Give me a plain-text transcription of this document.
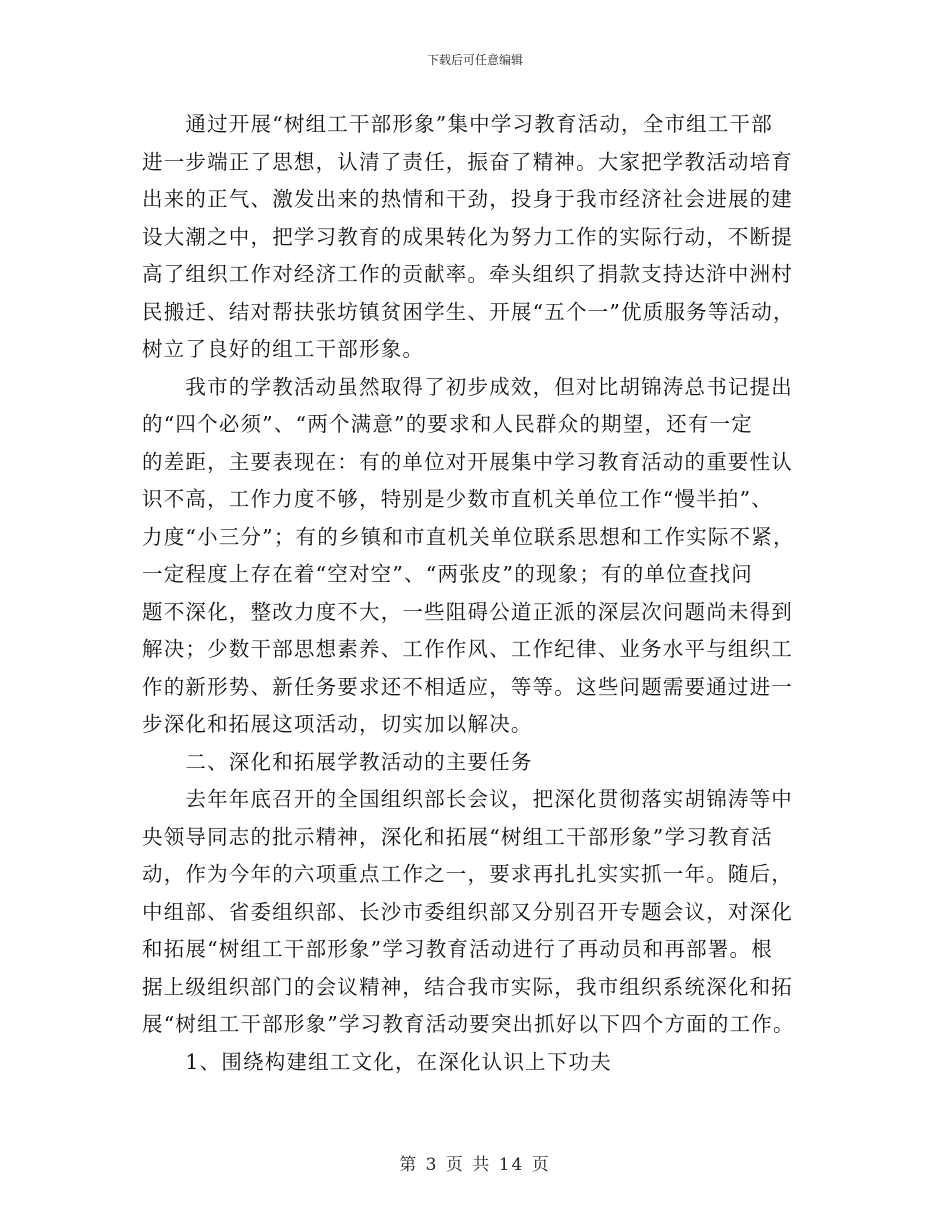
下载后可任意编辑
　　通过开展“树组工干部形象”集中学习教育活动，全市组工干部
进一步端正了思想，认清了责任，振奋了精神。大家把学教活动培育
出来的正气、激发出来的热情和干劲，投身于我市经济社会进展的建
设大潮之中，把学习教育的成果转化为努力工作的实际行动，不断提
高了组织工作对经济工作的贡献率。牵头组织了捐款支持达浒中洲村
民搬迁、结对帮扶张坊镇贫困学生、开展“五个一”优质服务等活动，
树立了良好的组工干部形象。
　　我市的学教活动虽然取得了初步成效，但对比胡锦涛总书记提出
的“四个必须”、“两个满意”的要求和人民群众的期望，还有一定
的差距，主要表现在：有的单位对开展集中学习教育活动的重要性认
识不高，工作力度不够，特别是少数市直机关单位工作“慢半拍”、
力度“小三分”；有的乡镇和市直机关单位联系思想和工作实际不紧，
一定程度上存在着“空对空”、“两张皮”的现象；有的单位查找问
题不深化，整改力度不大，一些阻碍公道正派的深层次问题尚未得到
解决；少数干部思想素养、工作作风、工作纪律、业务水平与组织工
作的新形势、新任务要求还不相适应，等等。这些问题需要通过进一
步深化和拓展这项活动，切实加以解决。
　　二、深化和拓展学教活动的主要任务
　　去年年底召开的全国组织部长会议，把深化贯彻落实胡锦涛等中
央领导同志的批示精神，深化和拓展“树组工干部形象”学习教育活
动，作为今年的六项重点工作之一，要求再扎扎实实抓一年。随后，
中组部、省委组织部、长沙市委组织部又分别召开专题会议，对深化
和拓展“树组工干部形象”学习教育活动进行了再动员和再部署。根
据上级组织部门的会议精神，结合我市实际，我市组织系统深化和拓
展“树组工干部形象”学习教育活动要突出抓好以下四个方面的工作。
　　1、围绕构建组工文化，在深化认识上下功夫
第 3 页 共 14 页
